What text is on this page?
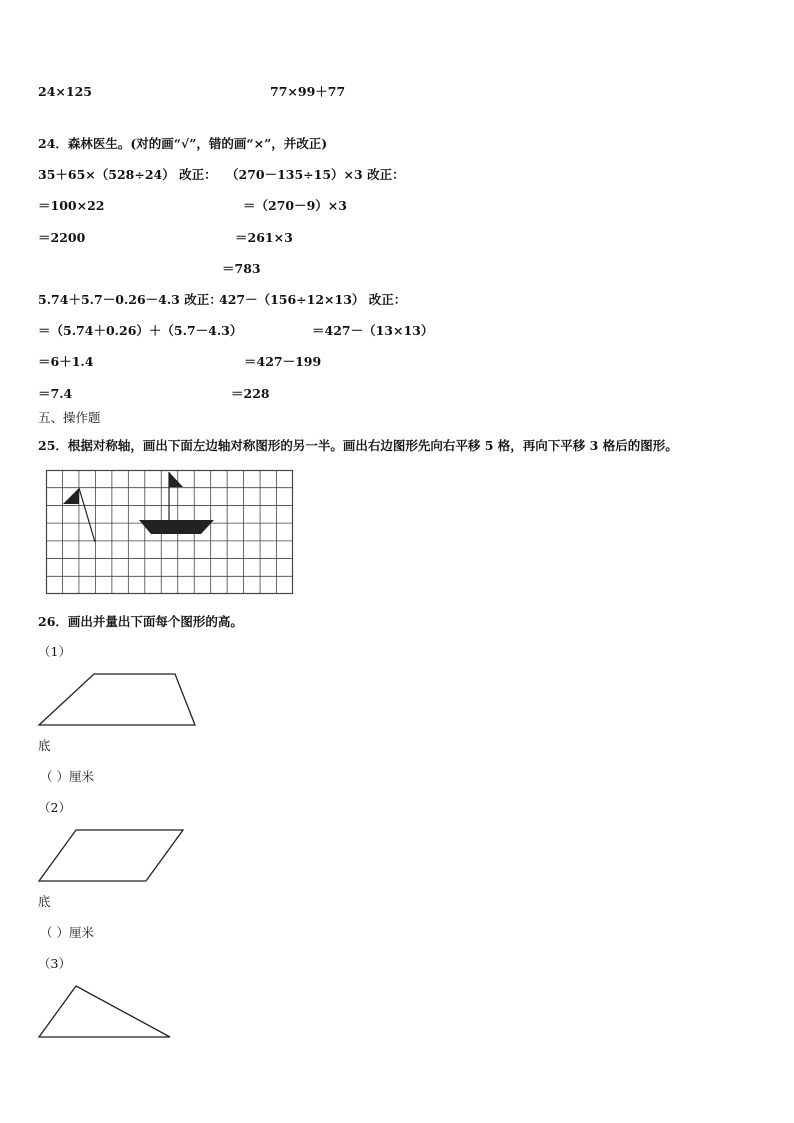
24×125	77×99＋77
24．森林医生。(对的画“√”，错的画“×”，并改正)
35＋65×（528÷24） 改正： （270－135÷15）×3 改正：
＝100×22	＝（270－9）×3
＝2200	＝261×3
＝783
5.74＋5.7－0.26－4.3 改正：
427－（156÷12×13） 改正：
＝（5.74＋0.26）＋（5.7－4.3）	＝427－（13×13）
＝6＋1.4	＝427－199
＝7.4	＝228
五、操作题
25．根据对称轴，画出下面左边轴对称图形的另一半。画出右边图形先向右平移 5 格，再向下平移 3 格后的图形。
26．画出并量出下面每个图形的高。
（1）
底
（ ）厘米
（2）
底
（ ）厘米
（3）
